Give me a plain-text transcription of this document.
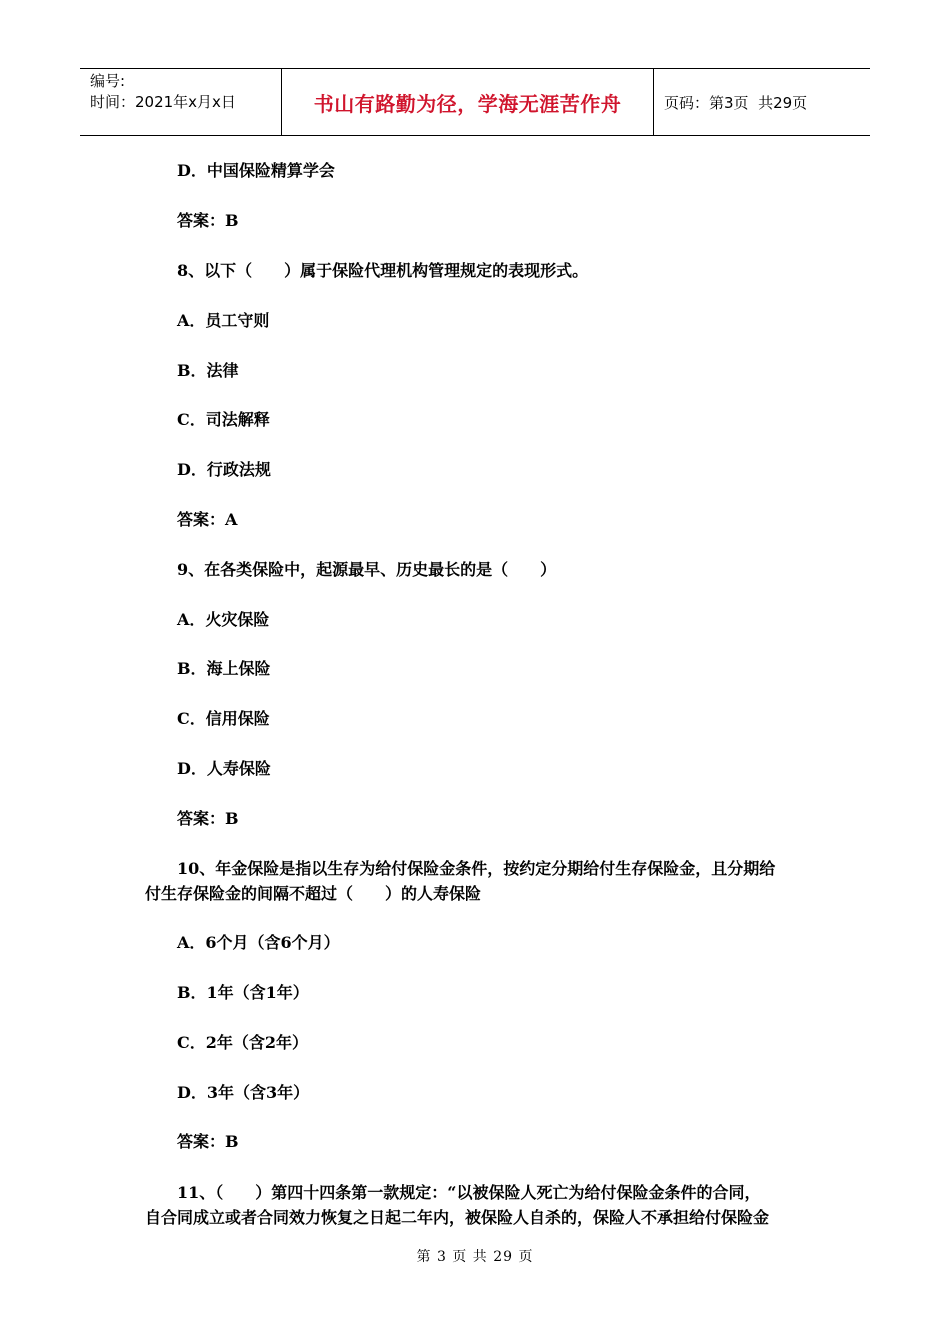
编号:
时间：2021年x月x日	书山有路勤为径，学海无涯苦作舟	页码：第3页  共29页
D．中国保险精算学会
答案：B
8、以下（　　）属于保险代理机构管理规定的表现形式。
A．员工守则
B．法律
C．司法解释
D．行政法规
答案：A
9、在各类保险中，起源最早、历史最长的是（　　）
A．火灾保险
B．海上保险
C．信用保险
D．人寿保险
答案：B
10、年金保险是指以生存为给付保险金条件，按约定分期给付生存保险金，且分期给
付生存保险金的间隔不超过（　　）的人寿保险
A．6个月（含6个月）
B．1年（含1年）
C．2年（含2年）
D．3年（含3年）
答案：B
11、（　　）第四十四条第一款规定：“以被保险人死亡为给付保险金条件的合同，
自合同成立或者合同效力恢复之日起二年内，被保险人自杀的，保险人不承担给付保险金
第 3 页 共 29 页
